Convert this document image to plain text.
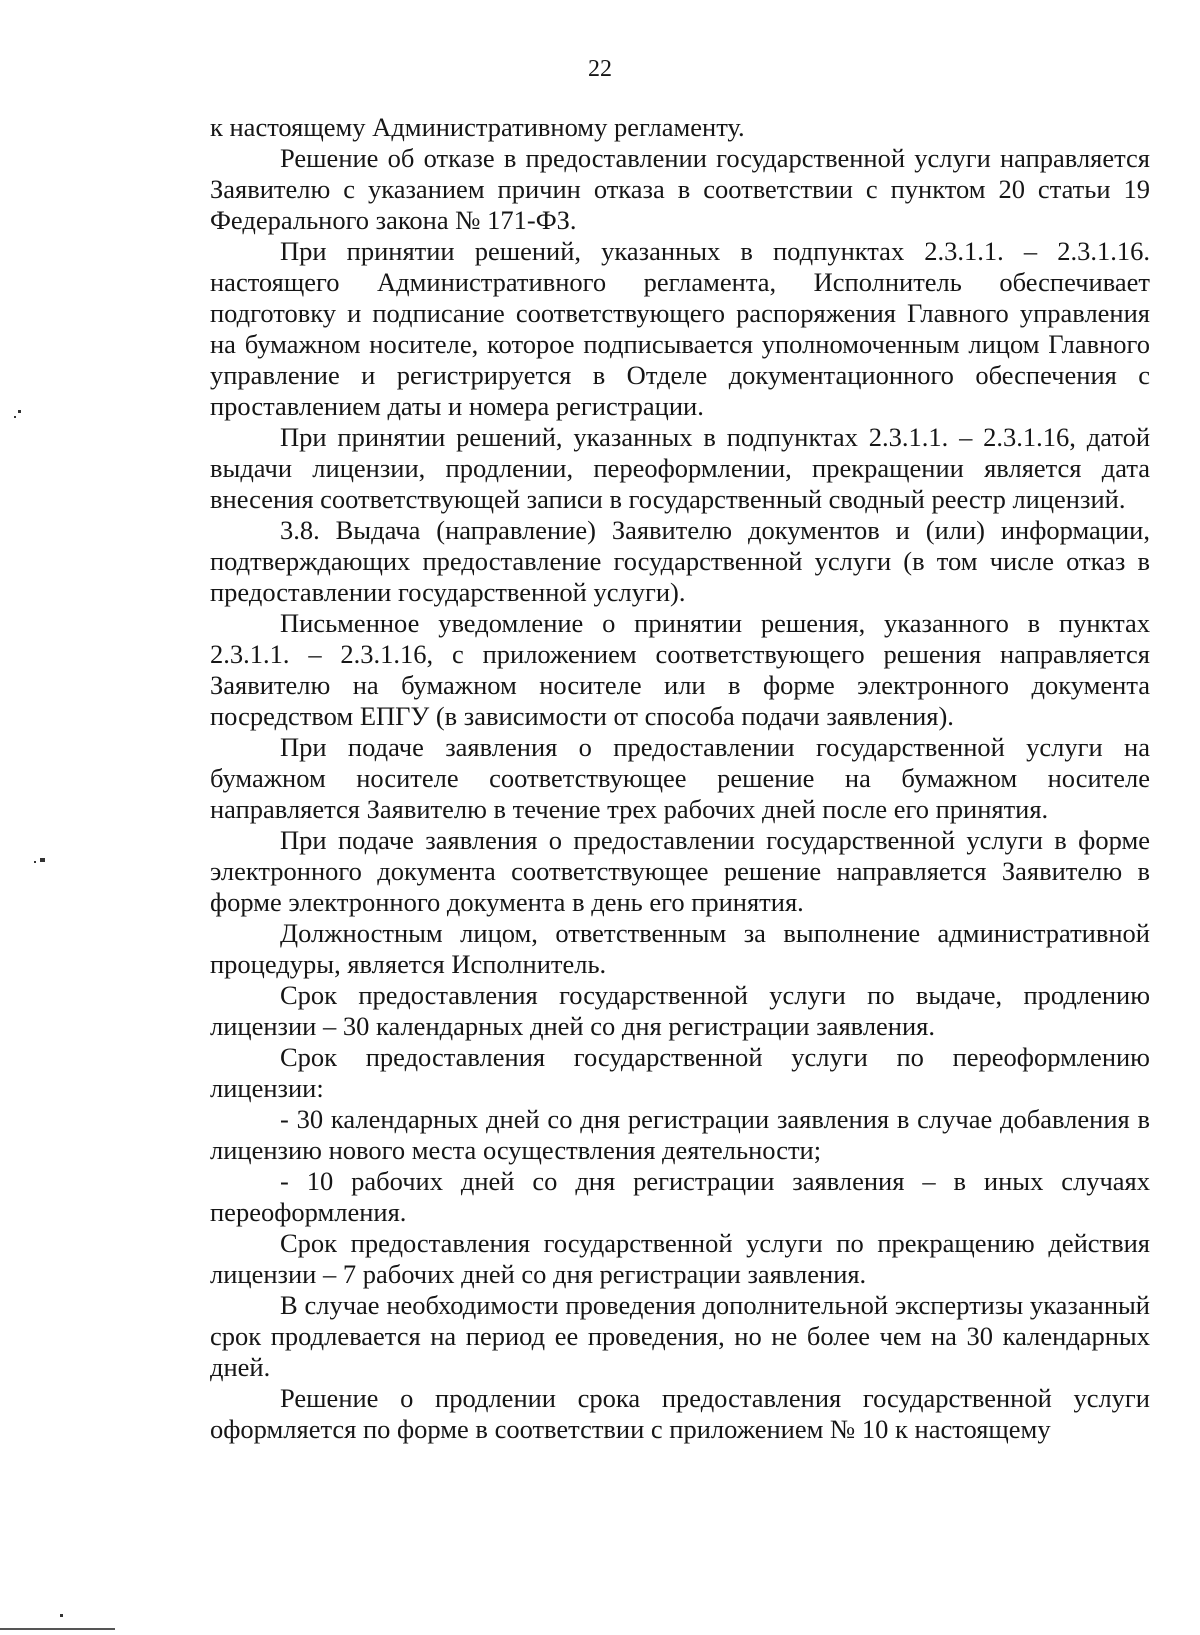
22

к настоящему Административному регламенту.

Решение об отказе в предоставлении государственной услуги направляется Заявителю с указанием причин отказа в соответствии с пунктом 20 статьи 19 Федерального закона № 171-ФЗ.

При принятии решений, указанных в подпунктах 2.3.1.1. – 2.3.1.16. настоящего Административного регламента, Исполнитель обеспечивает подготовку и подписание соответствующего распоряжения Главного управления на бумажном носителе, которое подписывается уполномоченным лицом Главного управление и регистрируется в Отделе документационного обеспечения с проставлением даты и номера регистрации.

При принятии решений, указанных в подпунктах 2.3.1.1. – 2.3.1.16, датой выдачи лицензии, продлении, переоформлении, прекращении является дата внесения соответствующей записи в государственный сводный реестр лицензий.

3.8. Выдача (направление) Заявителю документов и (или) информации, подтверждающих предоставление государственной услуги (в том числе отказ в предоставлении государственной услуги).

Письменное уведомление о принятии решения, указанного в пунктах 2.3.1.1. – 2.3.1.16, с приложением соответствующего решения направляется Заявителю на бумажном носителе или в форме электронного документа посредством ЕПГУ (в зависимости от способа подачи заявления).

При подаче заявления о предоставлении государственной услуги на бумажном носителе соответствующее решение на бумажном носителе направляется Заявителю в течение трех рабочих дней после его принятия.

При подаче заявления о предоставлении государственной услуги в форме электронного документа соответствующее решение направляется Заявителю в форме электронного документа в день его принятия.

Должностным лицом, ответственным за выполнение административной процедуры, является Исполнитель.

Срок предоставления государственной услуги по выдаче, продлению лицензии – 30 календарных дней со дня регистрации заявления.

Срок предоставления государственной услуги по переоформлению лицензии:

- 30 календарных дней со дня регистрации заявления в случае добавления в лицензию нового места осуществления деятельности;

- 10 рабочих дней со дня регистрации заявления – в иных случаях переоформления.

Срок предоставления государственной услуги по прекращению действия лицензии – 7 рабочих дней со дня регистрации заявления.

В случае необходимости проведения дополнительной экспертизы указанный срок продлевается на период ее проведения, но не более чем на 30 календарных дней.

Решение о продлении срока предоставления государственной услуги оформляется по форме в соответствии с приложением № 10 к настоящему
